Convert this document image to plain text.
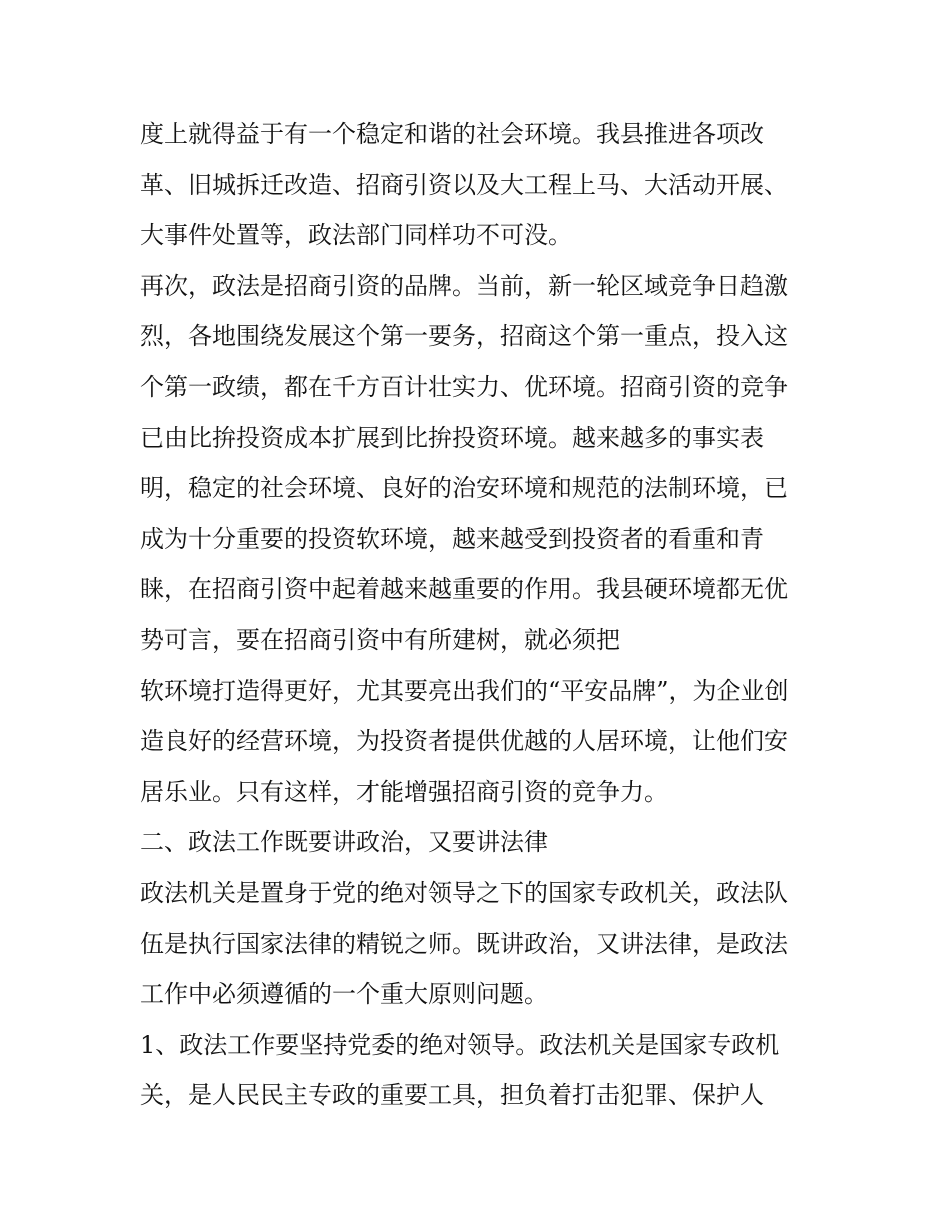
度上就得益于有一个稳定和谐的社会环境。我县推进各项改
革、旧城拆迁改造、招商引资以及大工程上马、大活动开展、
大事件处置等，政法部门同样功不可没。
再次，政法是招商引资的品牌。当前，新一轮区域竞争日趋激
烈，各地围绕发展这个第一要务，招商这个第一重点，投入这
个第一政绩，都在千方百计壮实力、优环境。招商引资的竞争
已由比拚投资成本扩展到比拚投资环境。越来越多的事实表
明，稳定的社会环境、良好的治安环境和规范的法制环境，已
成为十分重要的投资软环境，越来越受到投资者的看重和青
睐，在招商引资中起着越来越重要的作用。我县硬环境都无优
势可言，要在招商引资中有所建树，就必须把
软环境打造得更好，尤其要亮出我们的“平安品牌”，为企业创
造良好的经营环境，为投资者提供优越的人居环境，让他们安
居乐业。只有这样，才能增强招商引资的竞争力。
二、政法工作既要讲政治，又要讲法律
政法机关是置身于党的绝对领导之下的国家专政机关，政法队
伍是执行国家法律的精锐之师。既讲政治，又讲法律，是政法
工作中必须遵循的一个重大原则问题。
1、政法工作要坚持党委的绝对领导。政法机关是国家专政机
关，是人民民主专政的重要工具，担负着打击犯罪、保护人
